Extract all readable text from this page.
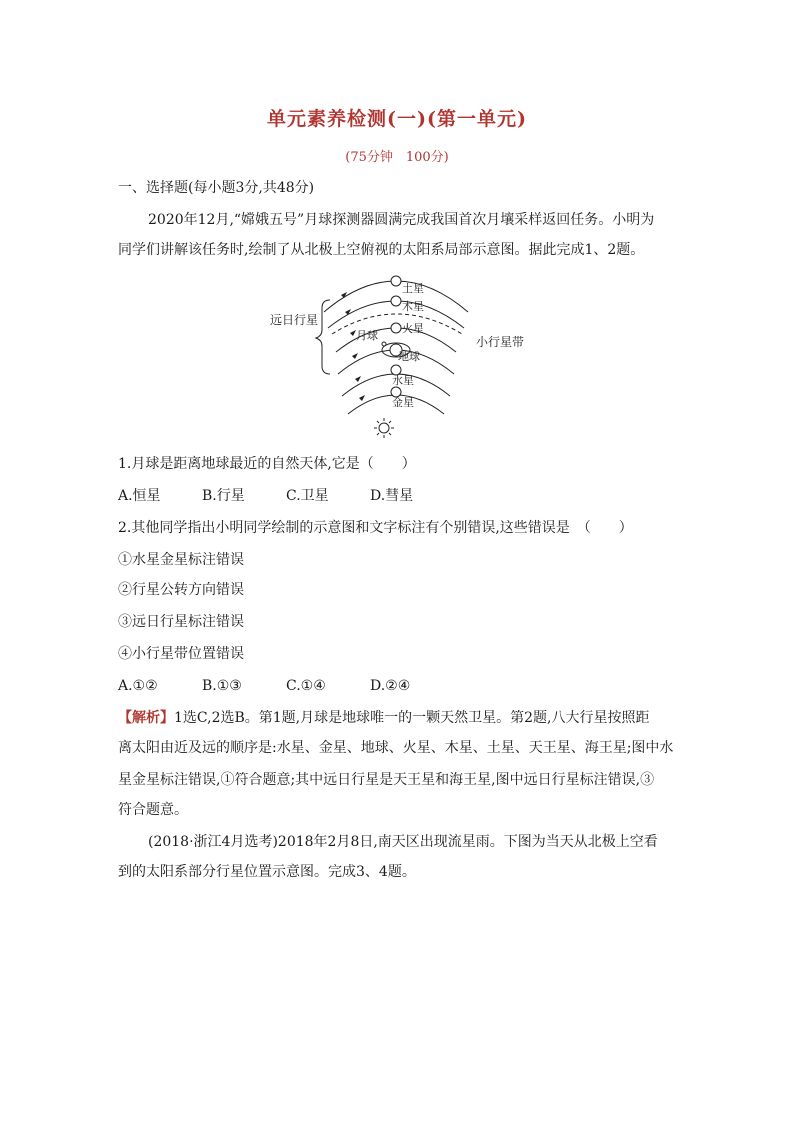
单元素养检测(一)(第一单元)
(75分钟　100分)
一、选择题(每小题3分,共48分)
2020年12月,“嫦娥五号”月球探测器圆满完成我国首次月壤采样返回任务。小明为
同学们讲解该任务时,绘制了从北极上空俯视的太阳系局部示意图。据此完成1、2题。
土星
木星
火星
月球
地球
水星
金星
远日行星
小行星带
1.月球是距离地球最近的自然天体,它是（　　）
A.恒星	B.行星	C.卫星	D.彗星
2.其他同学指出小明同学绘制的示意图和文字标注有个别错误,这些错误是　（　　）
①水星金星标注错误
②行星公转方向错误
③远日行星标注错误
④小行星带位置错误
A.①②	B.①③	C.①④	D.②④
【解析】1选C,2选B。第1题,月球是地球唯一的一颗天然卫星。第2题,八大行星按照距
离太阳由近及远的顺序是:水星、金星、地球、火星、木星、土星、天王星、海王星;图中水
星金星标注错误,①符合题意;其中远日行星是天王星和海王星,图中远日行星标注错误,③
符合题意。
(2018·浙江4月选考)2018年2月8日,南天区出现流星雨。下图为当天从北极上空看
到的太阳系部分行星位置示意图。完成3、4题。
